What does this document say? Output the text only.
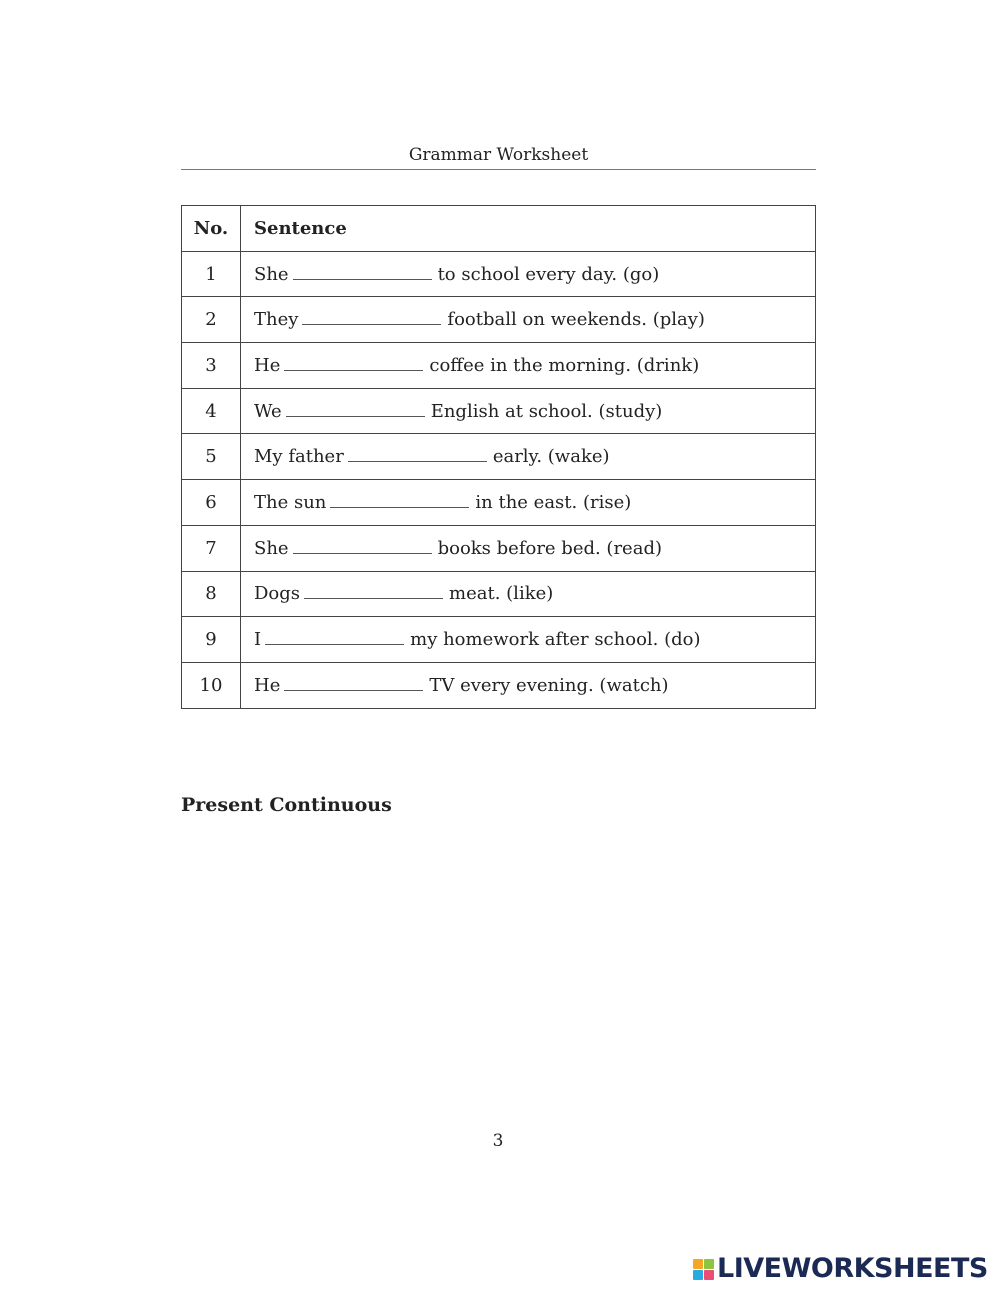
Grammar Worksheet
No.	Sentence
1	She to school every day. (go)
2	They football on weekends. (play)
3	He coffee in the morning. (drink)
4	We English at school. (study)
5	My father early. (wake)
6	The sun in the east. (rise)
7	She books before bed. (read)
8	Dogs meat. (like)
9	I my homework after school. (do)
10	He TV every evening. (watch)
Present Continuous
3
LIVEWORKSHEETS
